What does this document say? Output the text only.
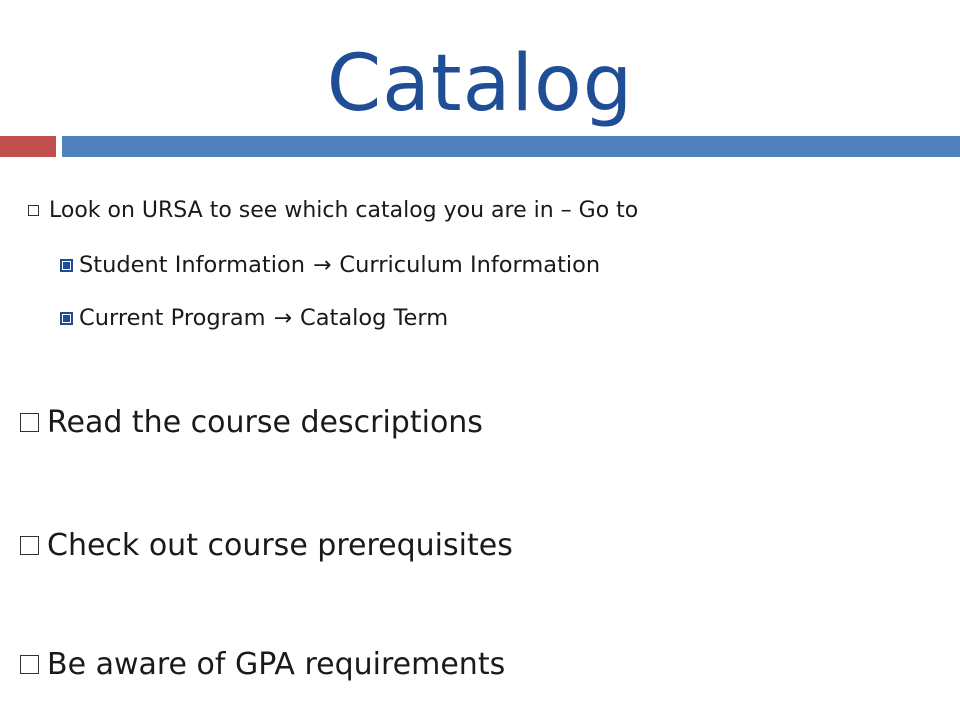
Catalog
Look on URSA to see which catalog you are in – Go to
Student Information → Curriculum Information
Current Program → Catalog Term
Read the course descriptions
Check out course prerequisites
Be aware of GPA requirements
